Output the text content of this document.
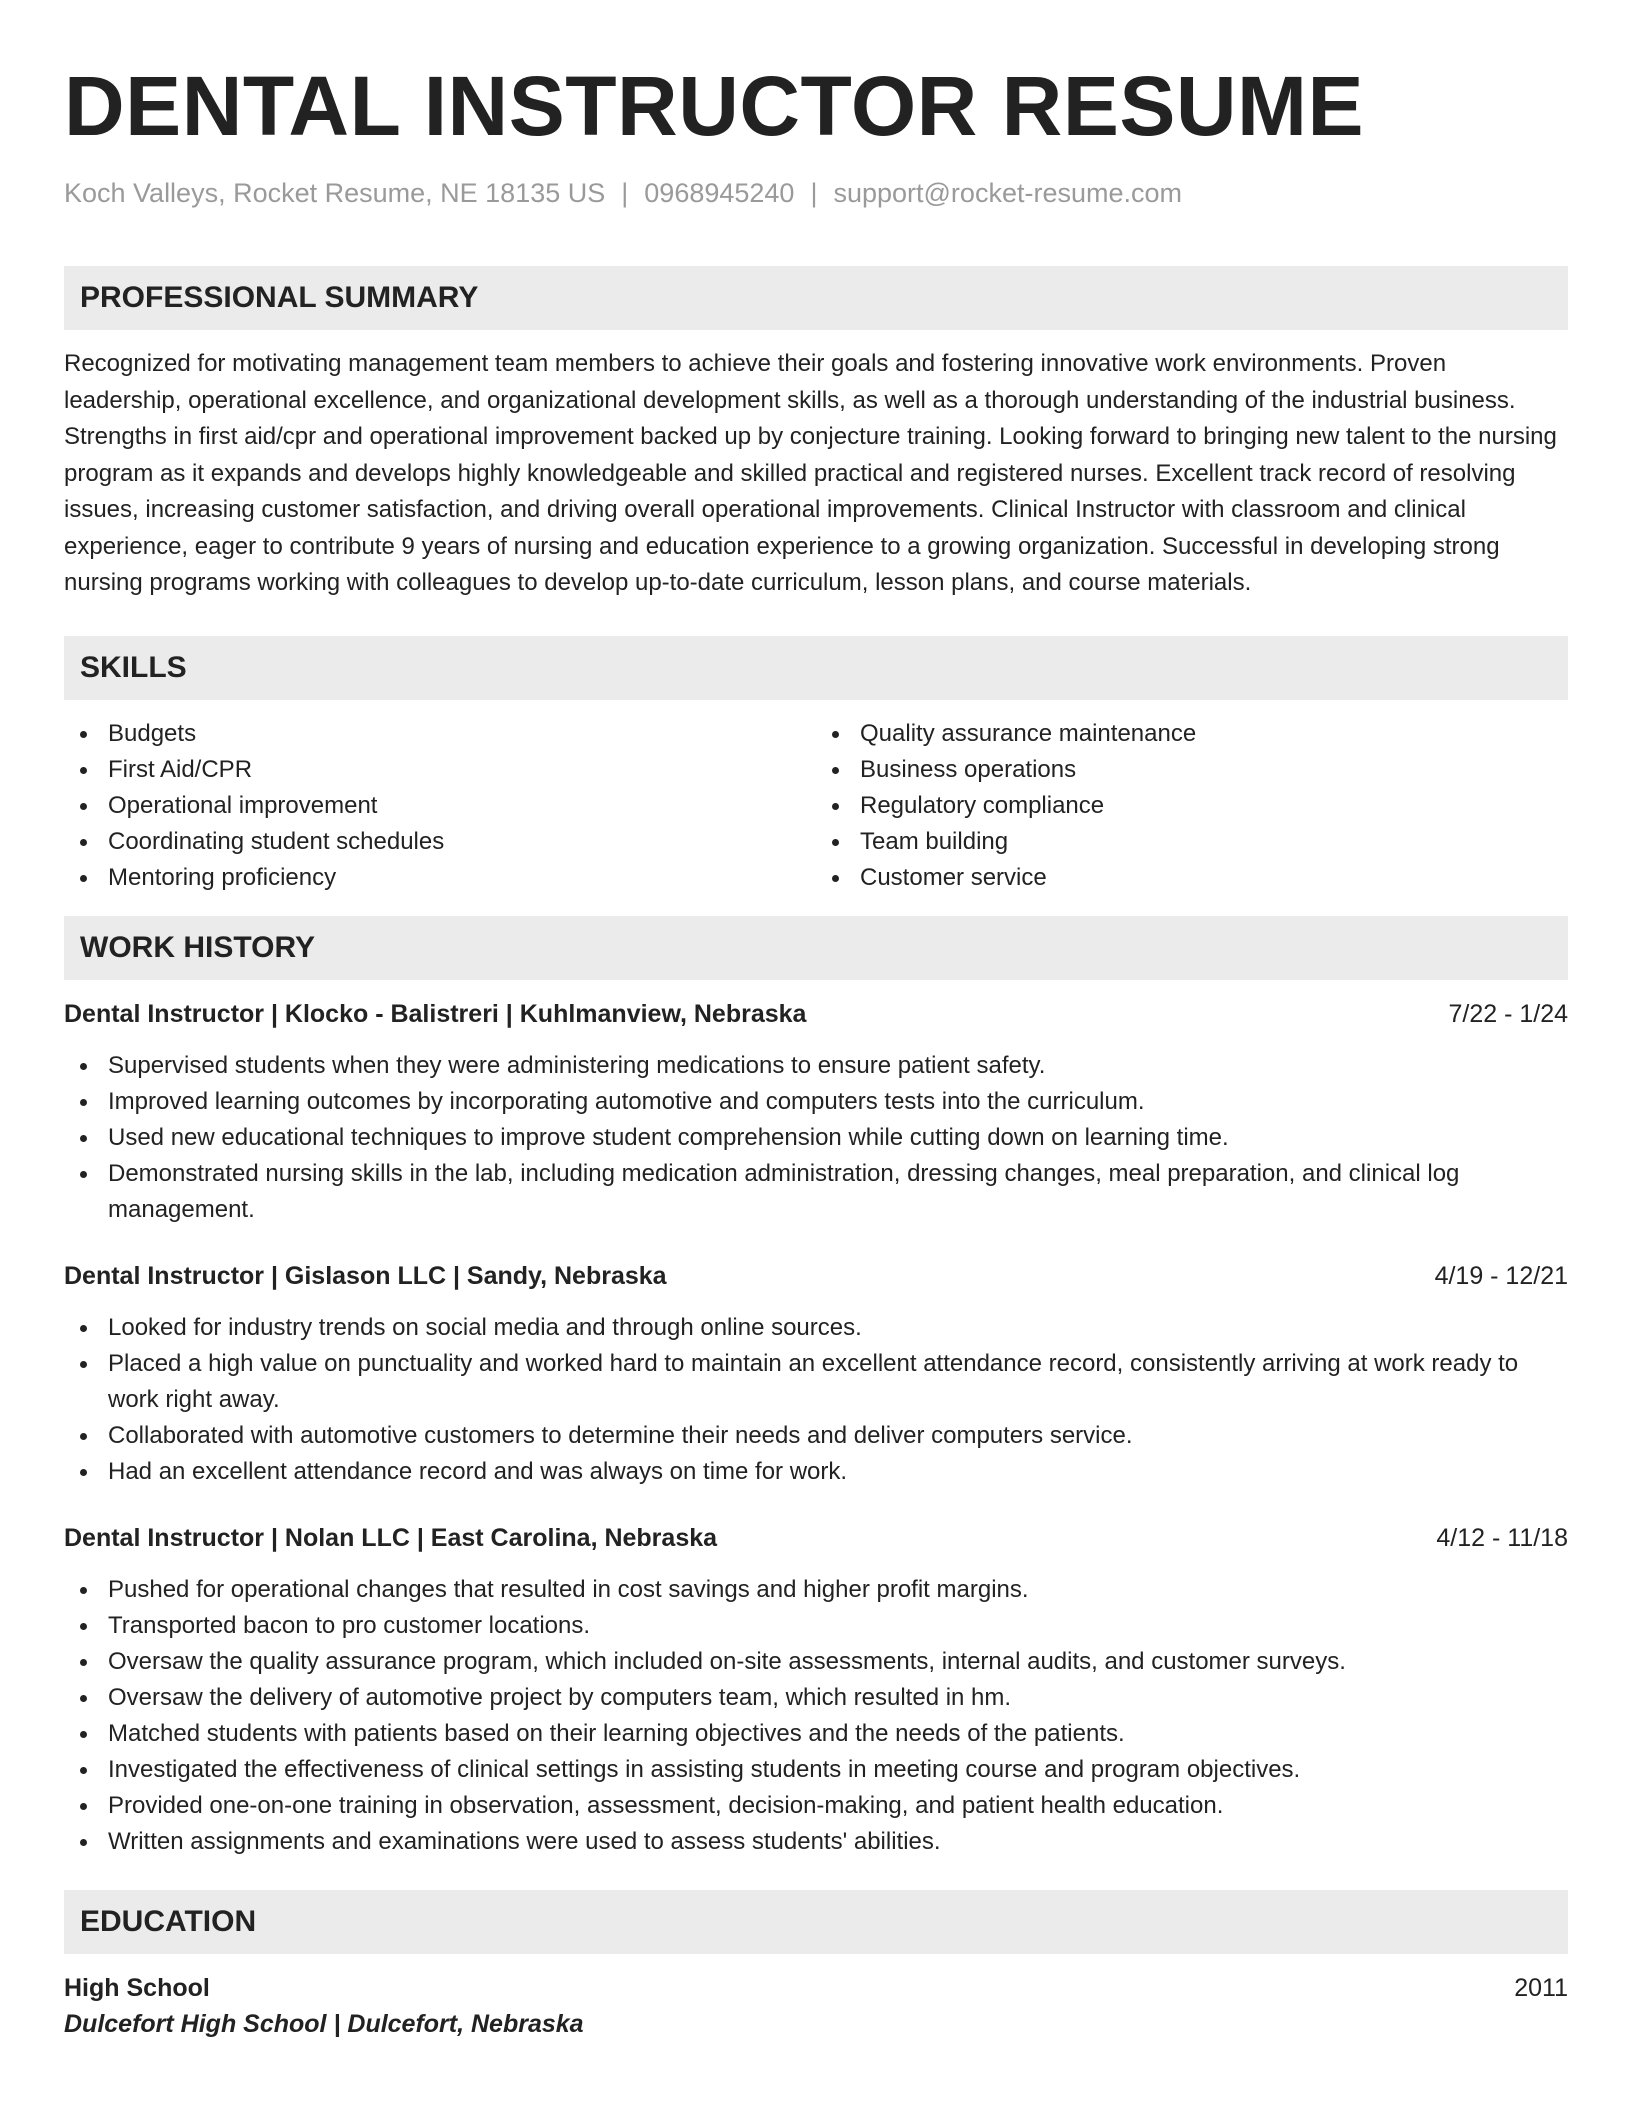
DENTAL INSTRUCTOR RESUME
Koch Valleys, Rocket Resume, NE 18135 US | 0968945240 | support@rocket-resume.com
PROFESSIONAL SUMMARY
Recognized for motivating management team members to achieve their goals and fostering innovative work environments. Proven leadership, operational excellence, and organizational development skills, as well as a thorough understanding of the industrial business. Strengths in first aid/cpr and operational improvement backed up by conjecture training. Looking forward to bringing new talent to the nursing program as it expands and develops highly knowledgeable and skilled practical and registered nurses. Excellent track record of resolving issues, increasing customer satisfaction, and driving overall operational improvements. Clinical Instructor with classroom and clinical experience, eager to contribute 9 years of nursing and education experience to a growing organization. Successful in developing strong nursing programs working with colleagues to develop up-to-date curriculum, lesson plans, and course materials.
SKILLS
Budgets
First Aid/CPR
Operational improvement
Coordinating student schedules
Mentoring proficiency
Quality assurance maintenance
Business operations
Regulatory compliance
Team building
Customer service
WORK HISTORY
Dental Instructor | Klocko - Balistreri | Kuhlmanview, Nebraska	7/22 - 1/24
Supervised students when they were administering medications to ensure patient safety.
Improved learning outcomes by incorporating automotive and computers tests into the curriculum.
Used new educational techniques to improve student comprehension while cutting down on learning time.
Demonstrated nursing skills in the lab, including medication administration, dressing changes, meal preparation, and clinical log management.
Dental Instructor | Gislason LLC | Sandy, Nebraska	4/19 - 12/21
Looked for industry trends on social media and through online sources.
Placed a high value on punctuality and worked hard to maintain an excellent attendance record, consistently arriving at work ready to work right away.
Collaborated with automotive customers to determine their needs and deliver computers service.
Had an excellent attendance record and was always on time for work.
Dental Instructor | Nolan LLC | East Carolina, Nebraska	4/12 - 11/18
Pushed for operational changes that resulted in cost savings and higher profit margins.
Transported bacon to pro customer locations.
Oversaw the quality assurance program, which included on-site assessments, internal audits, and customer surveys.
Oversaw the delivery of automotive project by computers team, which resulted in hm.
Matched students with patients based on their learning objectives and the needs of the patients.
Investigated the effectiveness of clinical settings in assisting students in meeting course and program objectives.
Provided one-on-one training in observation, assessment, decision-making, and patient health education.
Written assignments and examinations were used to assess students' abilities.
EDUCATION
High School	2011
Dulcefort High School | Dulcefort, Nebraska
